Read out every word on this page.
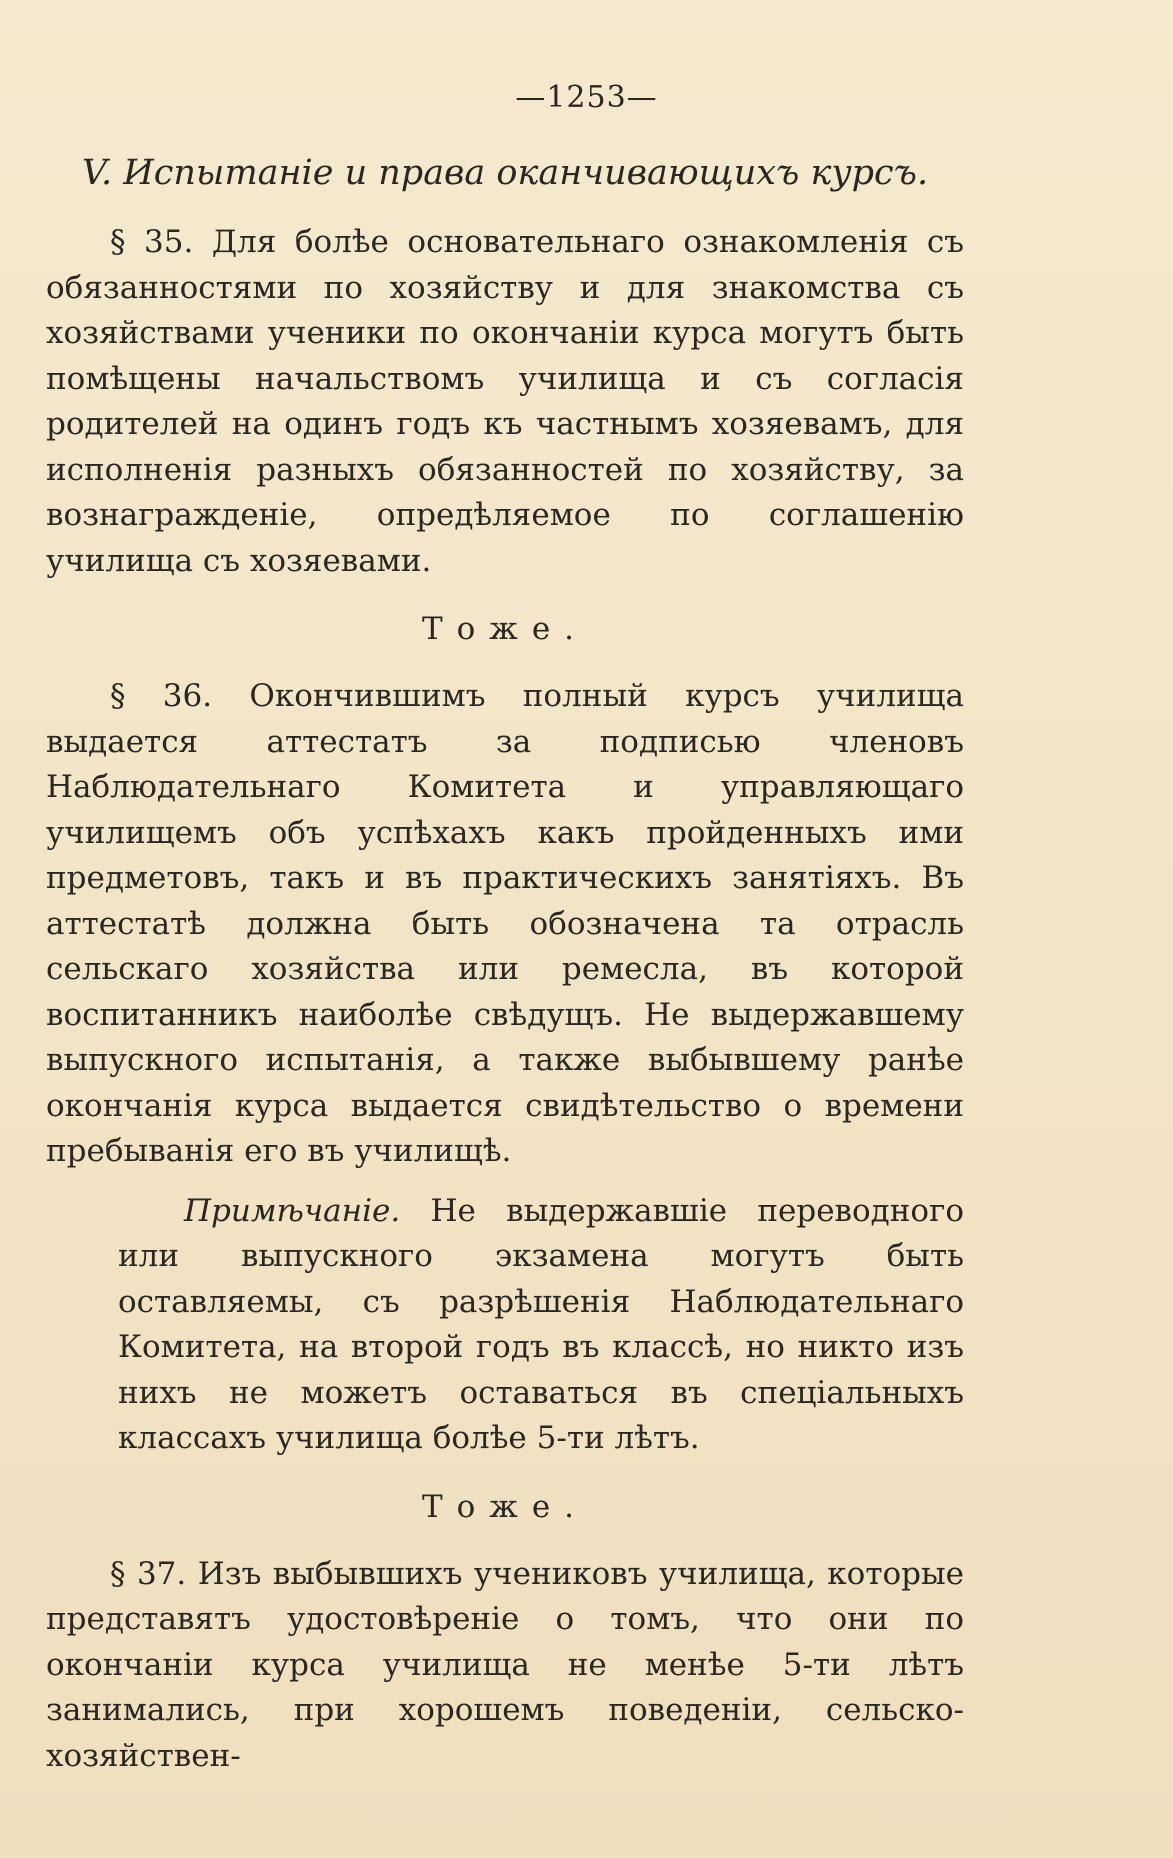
—1253—
V. Испытаніе и права оканчивающихъ курсъ.

§ 35. Для болѣе основательнаго ознакомленія съ обязанностями по хозяйству и для знакомства съ хозяйствами ученики по окончаніи курса могутъ быть помѣщены начальствомъ училища и съ согласія родителей на одинъ годъ къ частнымъ хозяевамъ, для исполненія разныхъ обязанностей по хозяйству, за вознагражденіе, опредѣляемое по соглашенію училища съ хозяевами.

Тоже.

§ 36. Окончившимъ полный курсъ училища выдается аттестатъ за подписью членовъ Наблюдательнаго Комитета и управляющаго училищемъ объ успѣхахъ какъ пройденныхъ ими предметовъ, такъ и въ практическихъ занятіяхъ. Въ аттестатѣ должна быть обозначена та отрасль сельскаго хозяйства или ремесла, въ которой воспитанникъ наиболѣе свѣдущъ. Не выдержавшему выпускного испытанія, а также выбывшему ранѣе окончанія курса выдается свидѣтельство о времени пребыванія его въ училищѣ.

Примѣчаніе. Не выдержавшіе переводного или выпускного экзамена могутъ быть оставляемы, съ разрѣшенія Наблюдательнаго Комитета, на второй годъ въ классѣ, но никто изъ нихъ не можетъ оставаться въ спеціальныхъ классахъ училища болѣе 5-ти лѣтъ.

Тоже.

§ 37. Изъ выбывшихъ учениковъ училища, которые представятъ удостовѣреніе о томъ, что они по окончаніи курса училища не менѣе 5-ти лѣтъ занимались, при хорошемъ поведеніи, сельско-хозяйствен-
